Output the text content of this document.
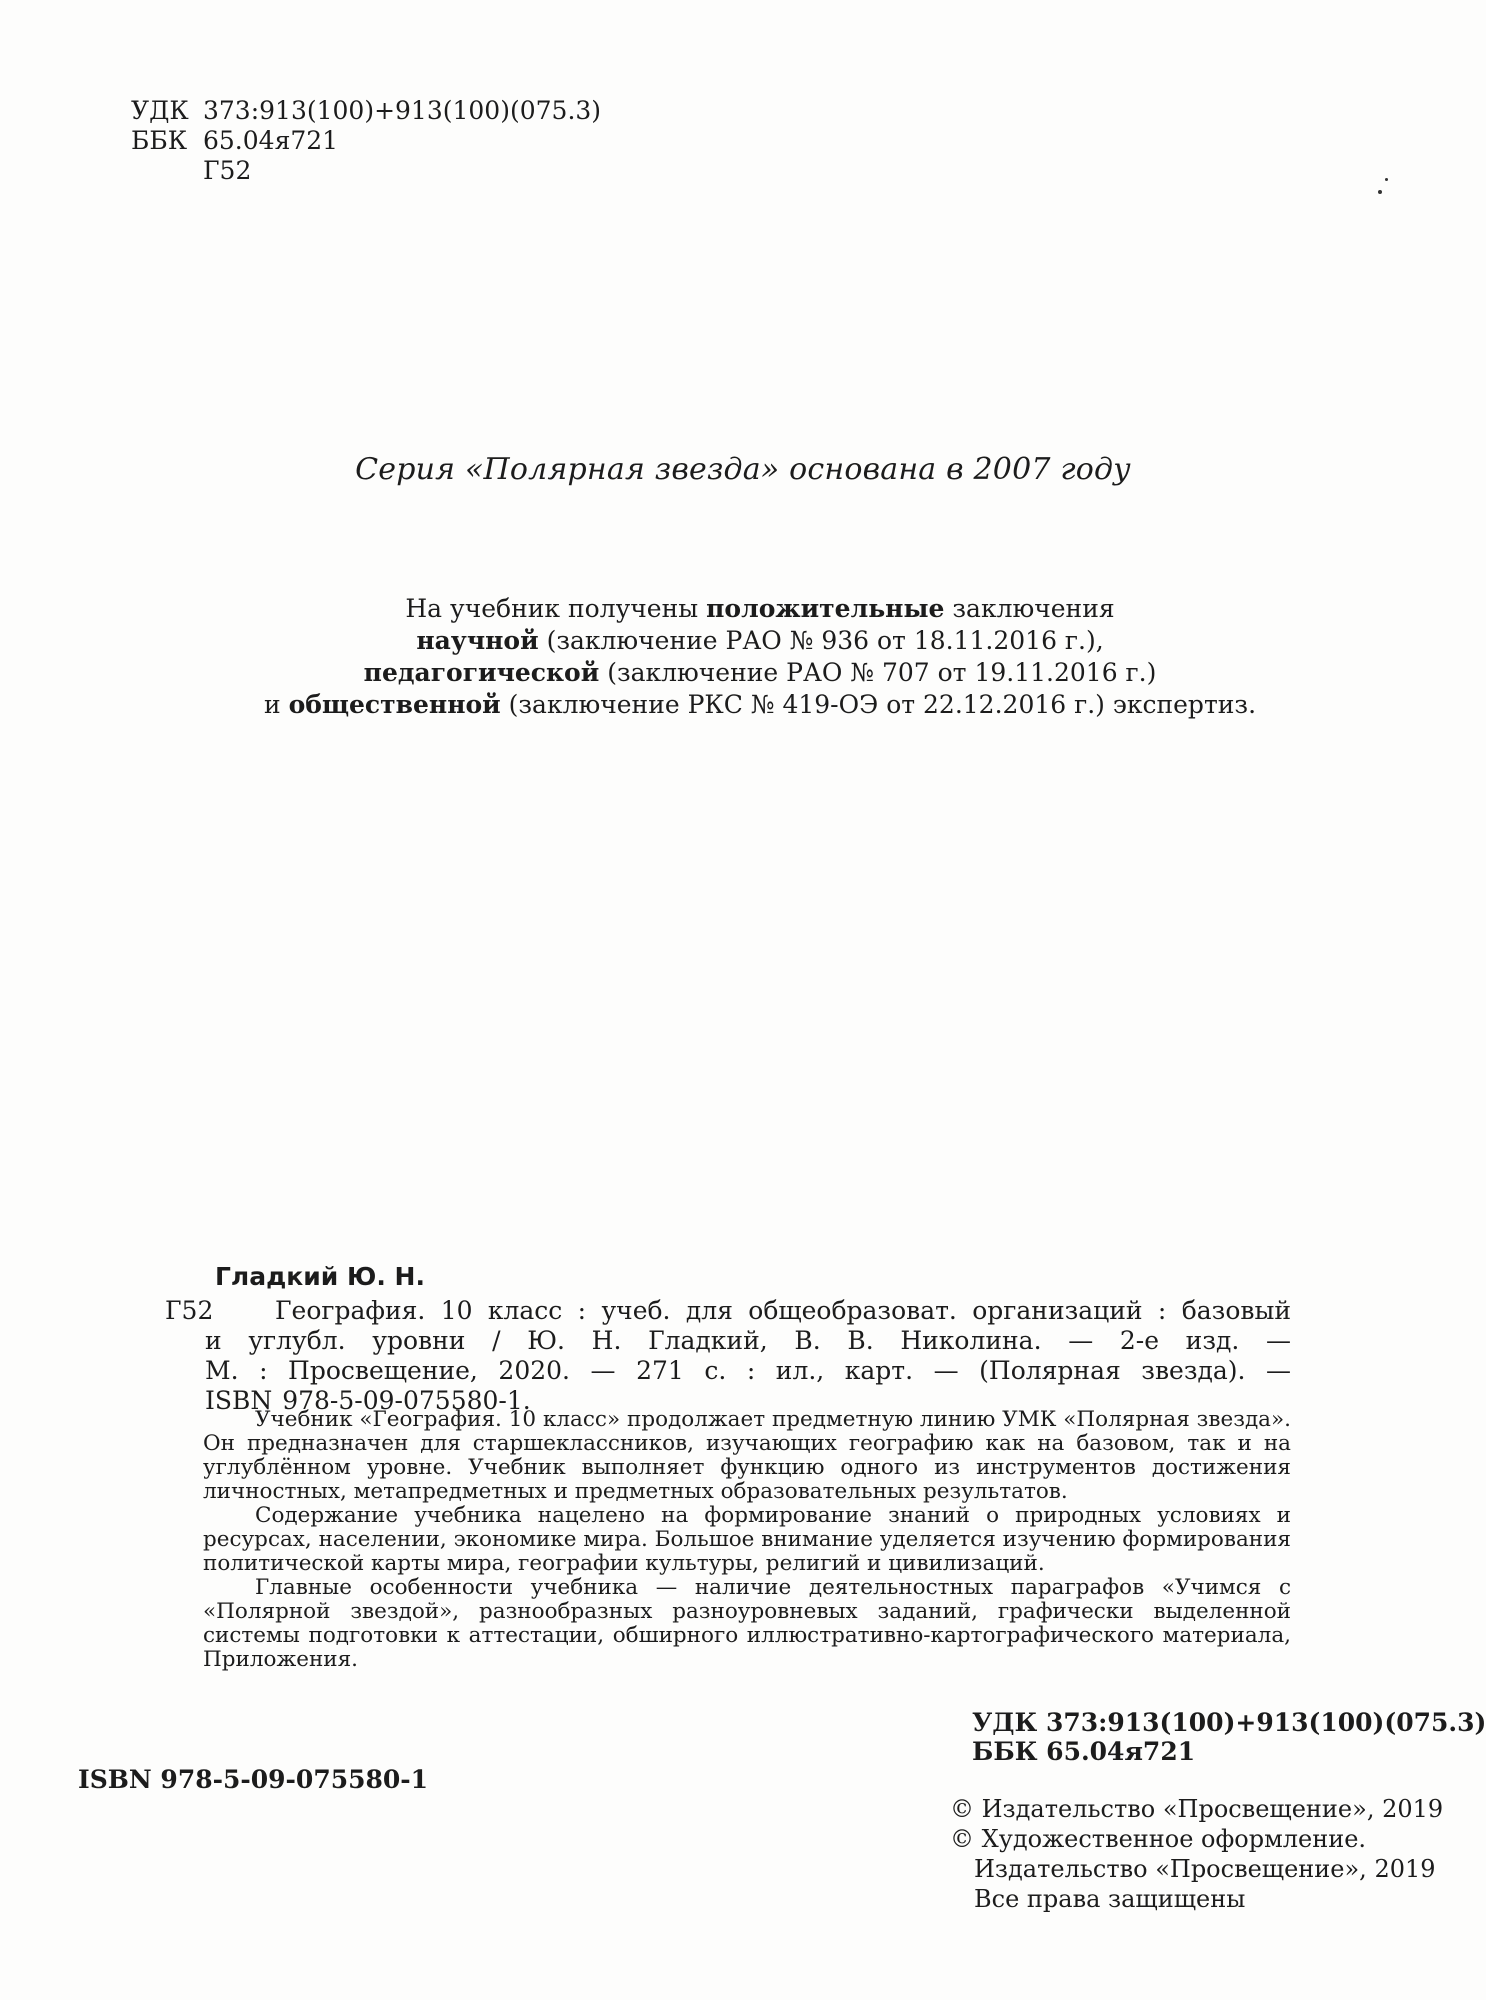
УДК 373:913(100)+913(100)(075.3)
ББК 65.04я721
Г52
Серия «Полярная звезда» основана в 2007 году
На учебник получены положительные заключения
научной (заключение РАО № 936 от 18.11.2016 г.),
педагогической (заключение РАО № 707 от 19.11.2016 г.)
и общественной (заключение РКС № 419-ОЭ от 22.12.2016 г.) экспертиз.
Гладкий Ю. Н.
Г52 География. 10 класс : учеб. для общеобразоват. организаций : базовый
и углубл. уровни / Ю. Н. Гладкий, В. В. Николина. — 2-е изд. —
М. : Просвещение, 2020. — 271 с. : ил., карт. — (Полярная звезда). —
ISBN 978-5-09-075580-1.

Учебник «География. 10 класс» продолжает предметную линию УМК «Полярная звезда». Он предназначен для старшеклассников, изучающих географию как на базовом, так и на углублённом уровне. Учебник выполняет функцию одного из инструментов достижения личностных, метапредметных и предметных образовательных результатов.

Содержание учебника нацелено на формирование знаний о природных условиях и ресурсах, населении, экономике мира. Большое внимание уделяется изучению формирования политической карты мира, географии культуры, религий и цивилизаций.

Главные особенности учебника — наличие деятельностных параграфов «Учимся с «Полярной звездой», разнообразных разноуровневых заданий, графически выделенной системы подготовки к аттестации, обширного иллюстративно-картографического материала, Приложения.

УДК 373:913(100)+913(100)(075.3)
ББК 65.04я721
ISBN 978-5-09-075580-1
© Издательство «Просвещение», 2019
© Художественное оформление.
Издательство «Просвещение», 2019
Все права защищены
